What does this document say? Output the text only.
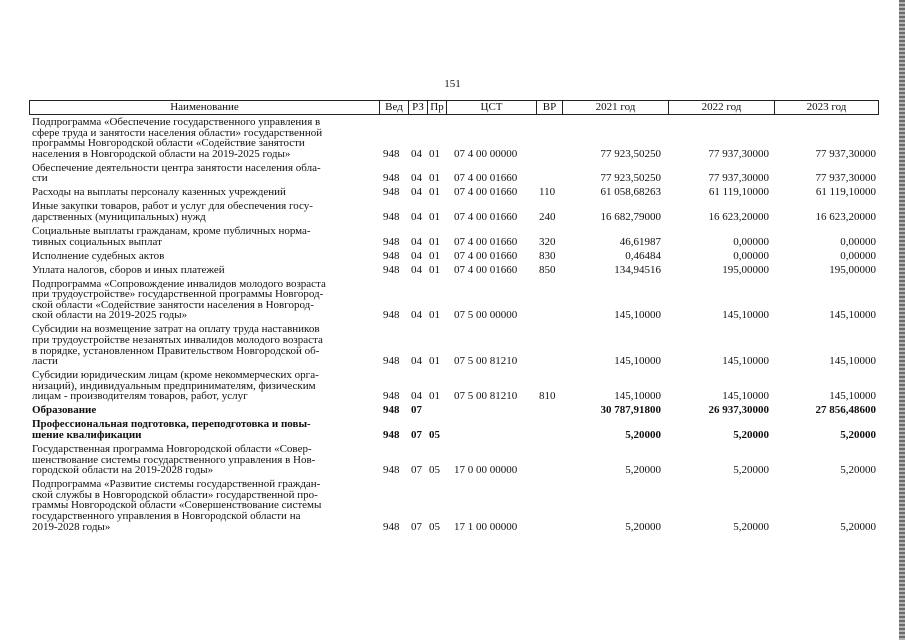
151
Наименование	Вед РЗ Пр	ЦСТ	ВР	2021 год	2022 год	2023 год
Подпрограмма «Обеспечение государственного управления в
сфере труда и занятости населения области» государственной
программы Новгородской области «Содействие занятости
населения в Новгородской области на 2019-2025 годы»	948 04 01 07 4 00 00000	77 923,50250	77 937,30000	77 937,30000
Обеспечение деятельности центра занятости населения обла-
сти	948 04 01 07 4 00 01660	77 923,50250	77 937,30000	77 937,30000
Расходы на выплаты персоналу казенных учреждений	948 04 01 07 4 00 01660 110	61 058,68263	61 119,10000	61 119,10000
Иные закупки товаров, работ и услуг для обеспечения госу-
дарственных (муниципальных) нужд	948 04 01 07 4 00 01660 240	16 682,79000	16 623,20000	16 623,20000
Социальные выплаты гражданам, кроме публичных норма-
тивных социальных выплат	948 04 01 07 4 00 01660 320	46,61987	0,00000	0,00000
Исполнение судебных актов	948 04 01 07 4 00 01660 830	0,46484	0,00000	0,00000
Уплата налогов, сборов и иных платежей	948 04 01 07 4 00 01660 850	134,94516	195,00000	195,00000
Подпрограмма «Сопровождение инвалидов молодого возраста
при трудоустройстве» государственной программы Новгород-
ской области «Содействие занятости населения в Новгород-
ской области на 2019-2025 годы»	948 04 01 07 5 00 00000	145,10000	145,10000	145,10000
Субсидии на возмещение затрат на оплату труда наставников
при трудоустройстве незанятых инвалидов молодого возраста
в порядке, установленном Правительством Новгородской об-
ласти	948 04 01 07 5 00 81210	145,10000	145,10000	145,10000
Субсидии юридическим лицам (кроме некоммерческих орга-
низаций), индивидуальным предпринимателям, физическим
лицам - производителям товаров, работ, услуг	948 04 01 07 5 00 81210 810	145,10000	145,10000	145,10000
Образование	948 07	30 787,91800	26 937,30000	27 856,48600
Профессиональная подготовка, переподготовка и повы-
шение квалификации	948 07 05	5,20000	5,20000	5,20000
Государственная программа Новгородской области «Совер-
шенствование системы государственного управления в Нов-
городской области на 2019-2028 годы»	948 07 05 17 0 00 00000	5,20000	5,20000	5,20000
Подпрограмма «Развитие системы государственной граждан-
ской службы в Новгородской области» государственной про-
граммы Новгородской области «Совершенствование системы
государственного управления в Новгородской области на
2019-2028 годы»	948 07 05 17 1 00 00000	5,20000	5,20000	5,20000
